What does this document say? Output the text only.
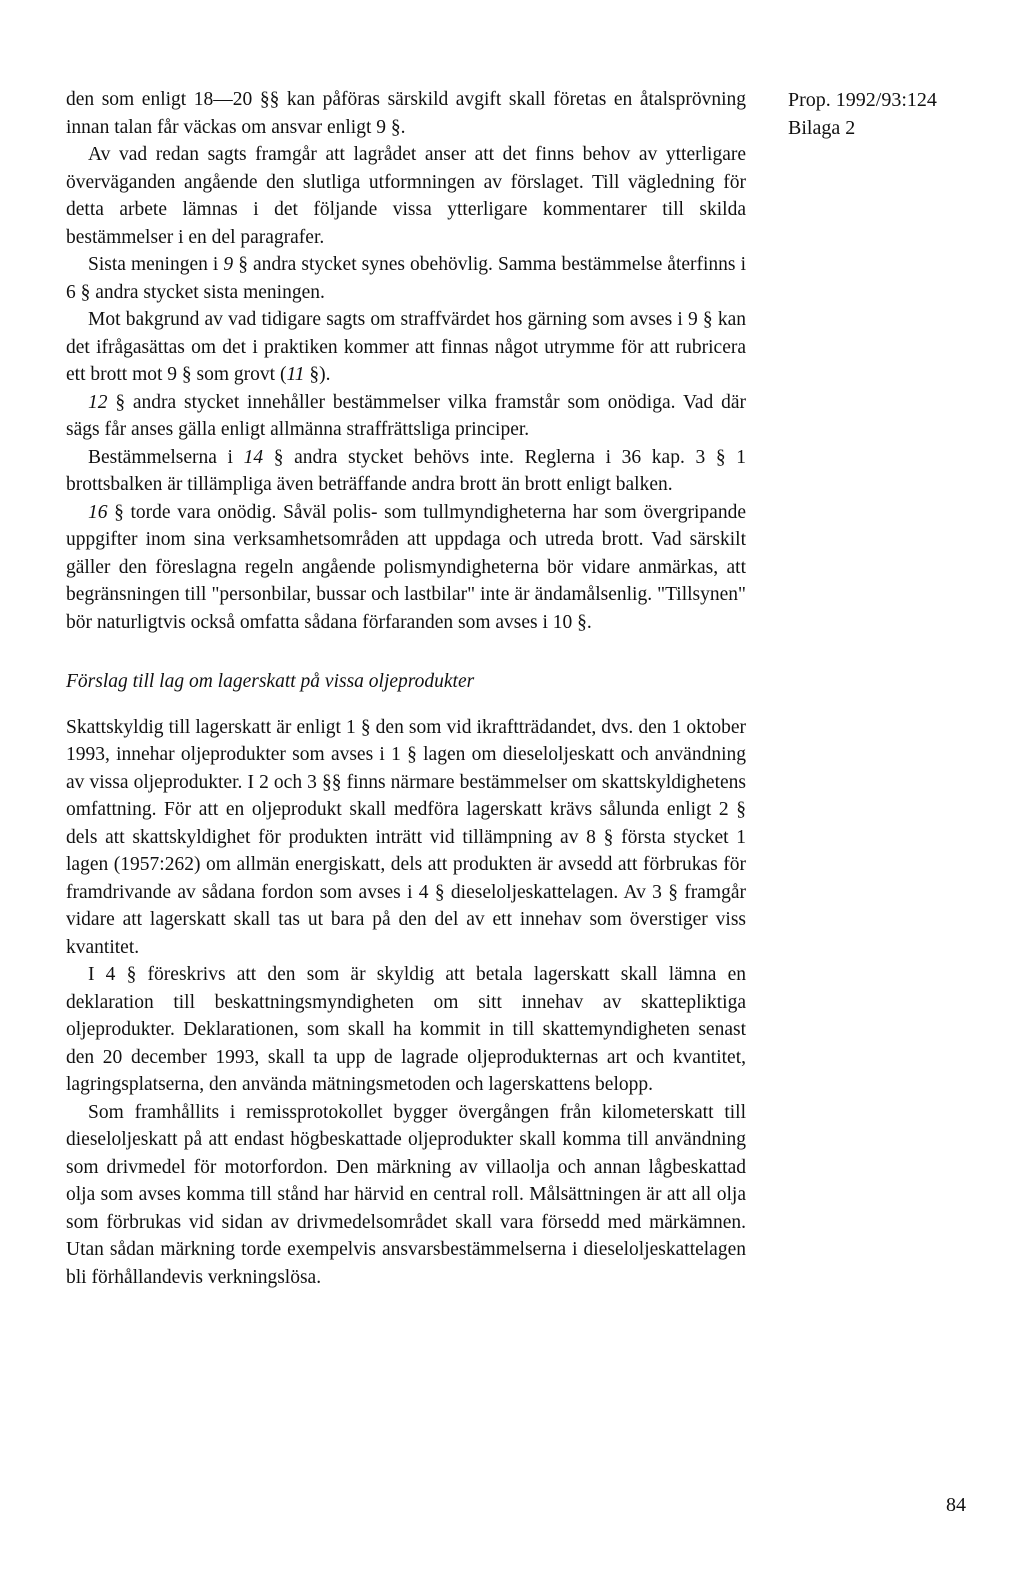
Prop. 1992/93:124
Bilaga 2

den som enligt 18—20 §§ kan påföras särskild avgift skall företas en åtalsprövning innan talan får väckas om ansvar enligt 9 §.

Av vad redan sagts framgår att lagrådet anser att det finns behov av ytterligare överväganden angående den slutliga utformningen av förslaget. Till vägledning för detta arbete lämnas i det följande vissa ytterligare kommentarer till skilda bestämmelser i en del paragrafer.

Sista meningen i 9 § andra stycket synes obehövlig. Samma bestämmelse återfinns i 6 § andra stycket sista meningen.

Mot bakgrund av vad tidigare sagts om straffvärdet hos gärning som avses i 9 § kan det ifrågasättas om det i praktiken kommer att finnas något utrymme för att rubricera ett brott mot 9 § som grovt (11 §).

12 § andra stycket innehåller bestämmelser vilka framstår som onödiga. Vad där sägs får anses gälla enligt allmänna straffrättsliga principer.

Bestämmelserna i 14 § andra stycket behövs inte. Reglerna i 36 kap. 3 § 1 brottsbalken är tillämpliga även beträffande andra brott än brott enligt balken.

16 § torde vara onödig. Såväl polis- som tullmyndigheterna har som övergripande uppgifter inom sina verksamhetsområden att uppdaga och utreda brott. Vad särskilt gäller den föreslagna regeln angående polismyndigheterna bör vidare anmärkas, att begränsningen till "personbilar, bussar och lastbilar" inte är ändamålsenlig. "Tillsynen" bör naturligtvis också omfatta sådana förfaranden som avses i 10 §.

Förslag till lag om lagerskatt på vissa oljeprodukter

Skattskyldig till lagerskatt är enligt 1 § den som vid ikraftträdandet, dvs. den 1 oktober 1993, innehar oljeprodukter som avses i 1 § lagen om dieseloljeskatt och användning av vissa oljeprodukter. I 2 och 3 §§ finns närmare bestämmelser om skattskyldighetens omfattning. För att en oljeprodukt skall medföra lagerskatt krävs sålunda enligt 2 § dels att skattskyldighet för produkten inträtt vid tillämpning av 8 § första stycket 1 lagen (1957:262) om allmän energiskatt, dels att produkten är avsedd att förbrukas för framdrivande av sådana fordon som avses i 4 § dieseloljeskattelagen. Av 3 § framgår vidare att lagerskatt skall tas ut bara på den del av ett innehav som överstiger viss kvantitet.

I 4 § föreskrivs att den som är skyldig att betala lagerskatt skall lämna en deklaration till beskattningsmyndigheten om sitt innehav av skattepliktiga oljeprodukter. Deklarationen, som skall ha kommit in till skattemyndigheten senast den 20 december 1993, skall ta upp de lagrade oljeprodukternas art och kvantitet, lagringsplatserna, den använda mätningsmetoden och lagerskattens belopp.

Som framhållits i remissprotokollet bygger övergången från kilometerskatt till dieseloljeskatt på att endast högbeskattade oljeprodukter skall komma till användning som drivmedel för motorfordon. Den märkning av villaolja och annan lågbeskattad olja som avses komma till stånd har härvid en central roll. Målsättningen är att all olja som förbrukas vid sidan av drivmedelsområdet skall vara försedd med märkämnen. Utan sådan märkning torde exempelvis ansvarsbestämmelserna i dieseloljeskattelagen bli förhållandevis verkningslösa.

84
